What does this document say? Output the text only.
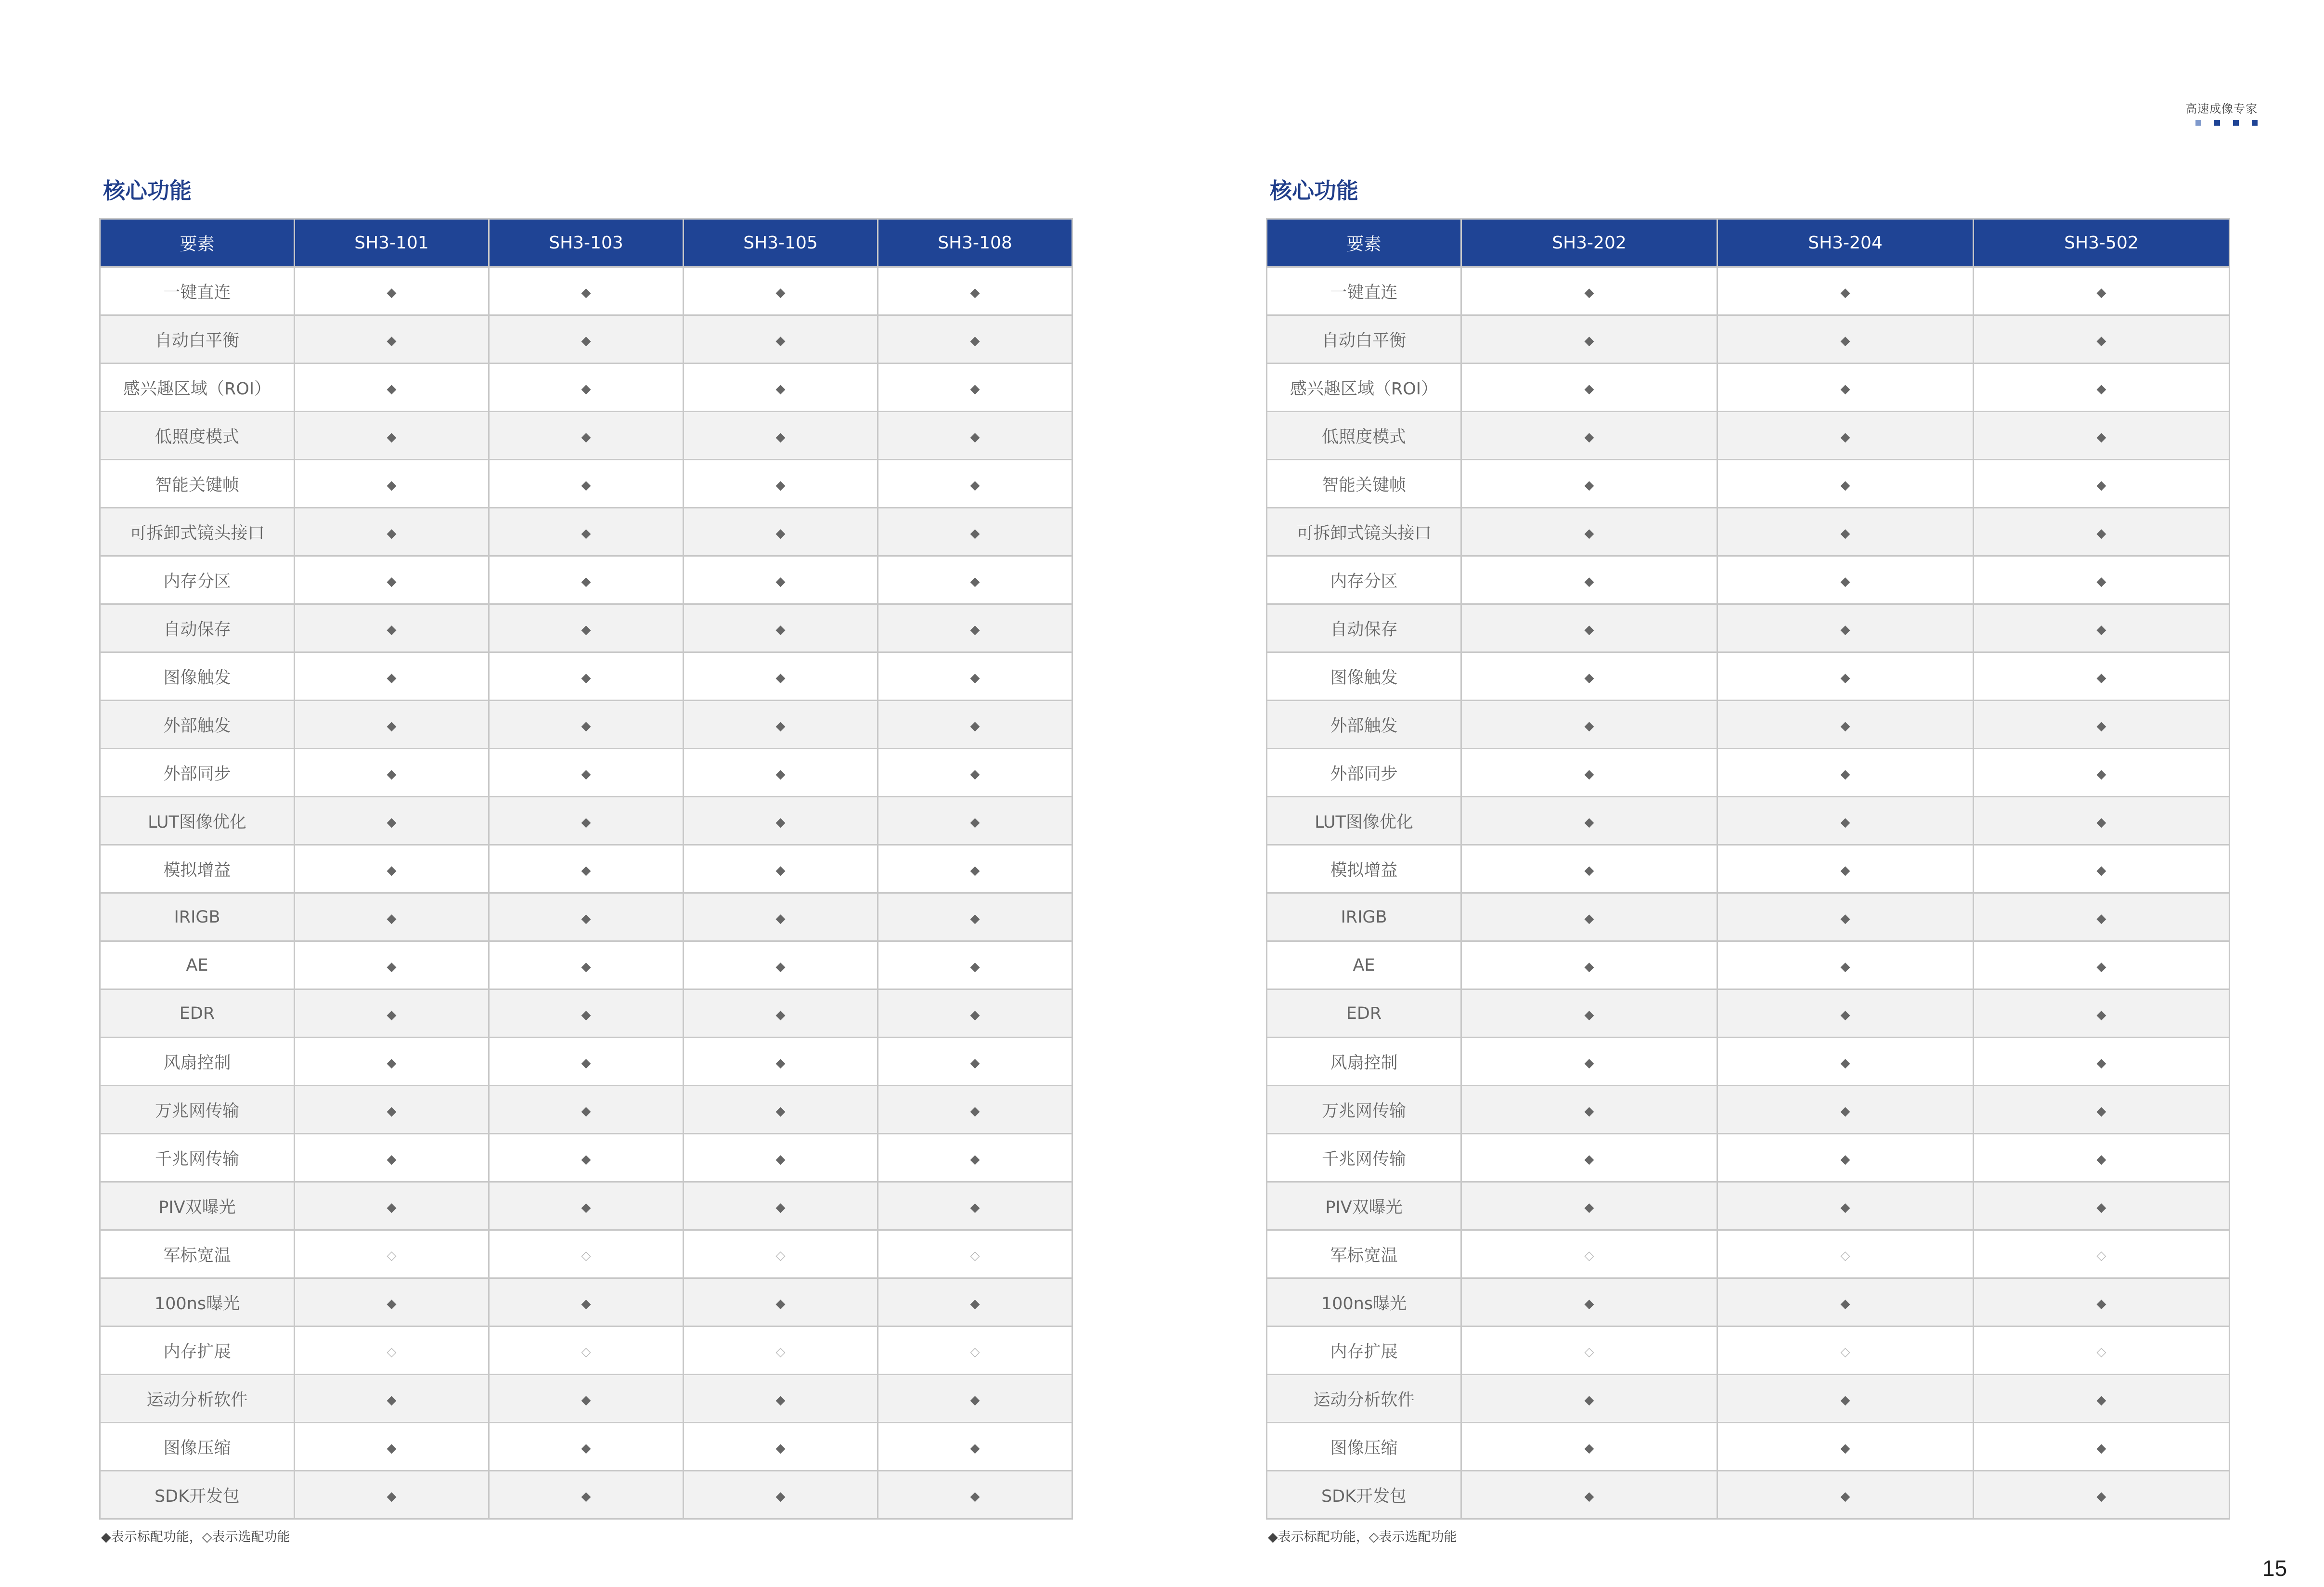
高速成像专家
核心功能
要素	SH3-101	SH3-103	SH3-105	SH3-108
一键直连	◆	◆	◆	◆
自动白平衡	◆	◆	◆	◆
感兴趣区域（ROI）	◆	◆	◆	◆
低照度模式	◆	◆	◆	◆
智能关键帧	◆	◆	◆	◆
可拆卸式镜头接口	◆	◆	◆	◆
内存分区	◆	◆	◆	◆
自动保存	◆	◆	◆	◆
图像触发	◆	◆	◆	◆
外部触发	◆	◆	◆	◆
外部同步	◆	◆	◆	◆
LUT图像优化	◆	◆	◆	◆
模拟增益	◆	◆	◆	◆
IRIGB	◆	◆	◆	◆
AE	◆	◆	◆	◆
EDR	◆	◆	◆	◆
风扇控制	◆	◆	◆	◆
万兆网传输	◆	◆	◆	◆
千兆网传输	◆	◆	◆	◆
PIV双曝光	◆	◆	◆	◆
军标宽温	◇	◇	◇	◇
100ns曝光	◆	◆	◆	◆
内存扩展	◇	◇	◇	◇
运动分析软件	◆	◆	◆	◆
图像压缩	◆	◆	◆	◆
SDK开发包	◆	◆	◆	◆
◆表示标配功能，◇表示选配功能
核心功能
要素	SH3-202	SH3-204	SH3-502
一键直连	◆	◆	◆
自动白平衡	◆	◆	◆
感兴趣区域（ROI）	◆	◆	◆
低照度模式	◆	◆	◆
智能关键帧	◆	◆	◆
可拆卸式镜头接口	◆	◆	◆
内存分区	◆	◆	◆
自动保存	◆	◆	◆
图像触发	◆	◆	◆
外部触发	◆	◆	◆
外部同步	◆	◆	◆
LUT图像优化	◆	◆	◆
模拟增益	◆	◆	◆
IRIGB	◆	◆	◆
AE	◆	◆	◆
EDR	◆	◆	◆
风扇控制	◆	◆	◆
万兆网传输	◆	◆	◆
千兆网传输	◆	◆	◆
PIV双曝光	◆	◆	◆
军标宽温	◇	◇	◇
100ns曝光	◆	◆	◆
内存扩展	◇	◇	◇
运动分析软件	◆	◆	◆
图像压缩	◆	◆	◆
SDK开发包	◆	◆	◆
◆表示标配功能，◇表示选配功能
15
